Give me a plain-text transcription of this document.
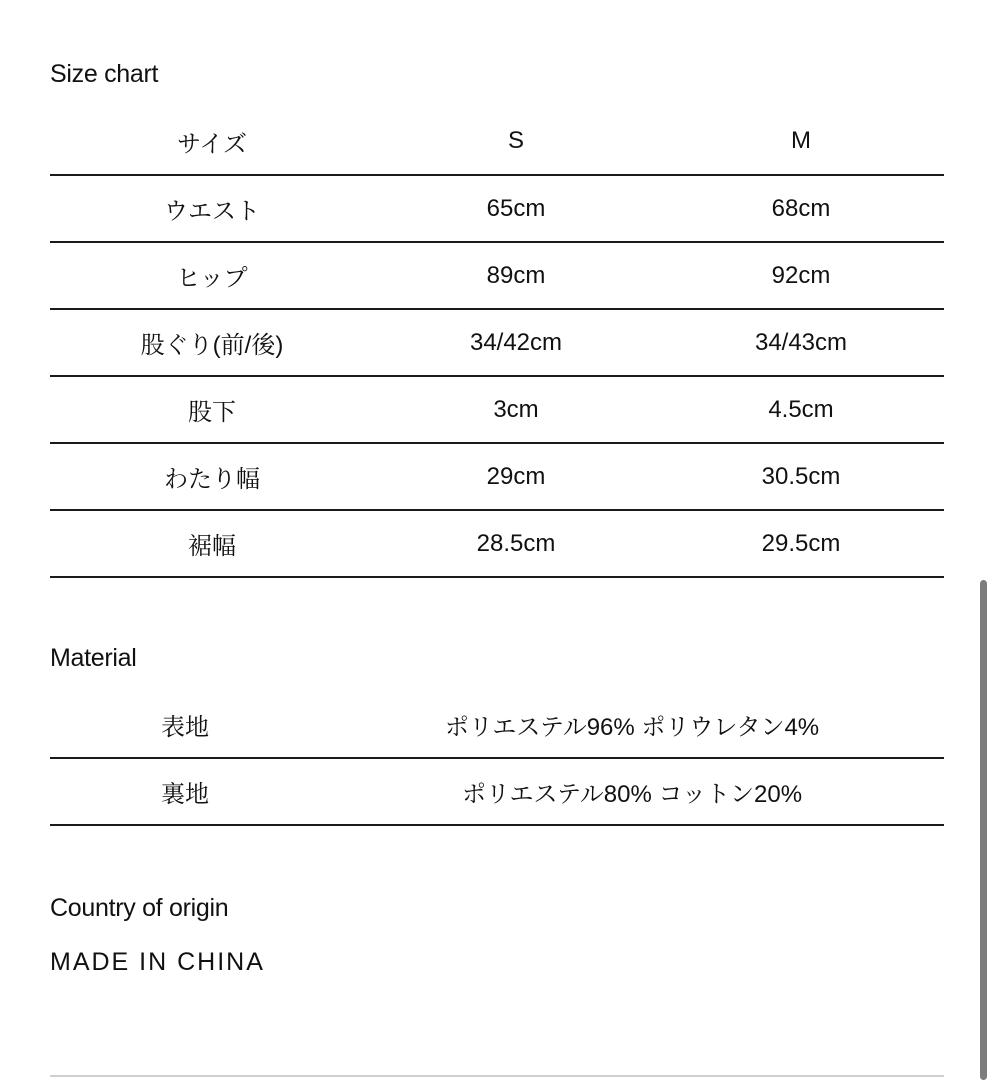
Size chart
サイズ	S	M
ウエスト	65cm	68cm
ヒップ	89cm	92cm
股ぐり(前/後)	34/42cm	34/43cm
股下	3cm	4.5cm
わたり幅	29cm	30.5cm
裾幅	28.5cm	29.5cm
Material
表地	ポリエステル96% ポリウレタン4%
裏地	ポリエステル80% コットン20%
Country of origin
MADE IN CHINA
